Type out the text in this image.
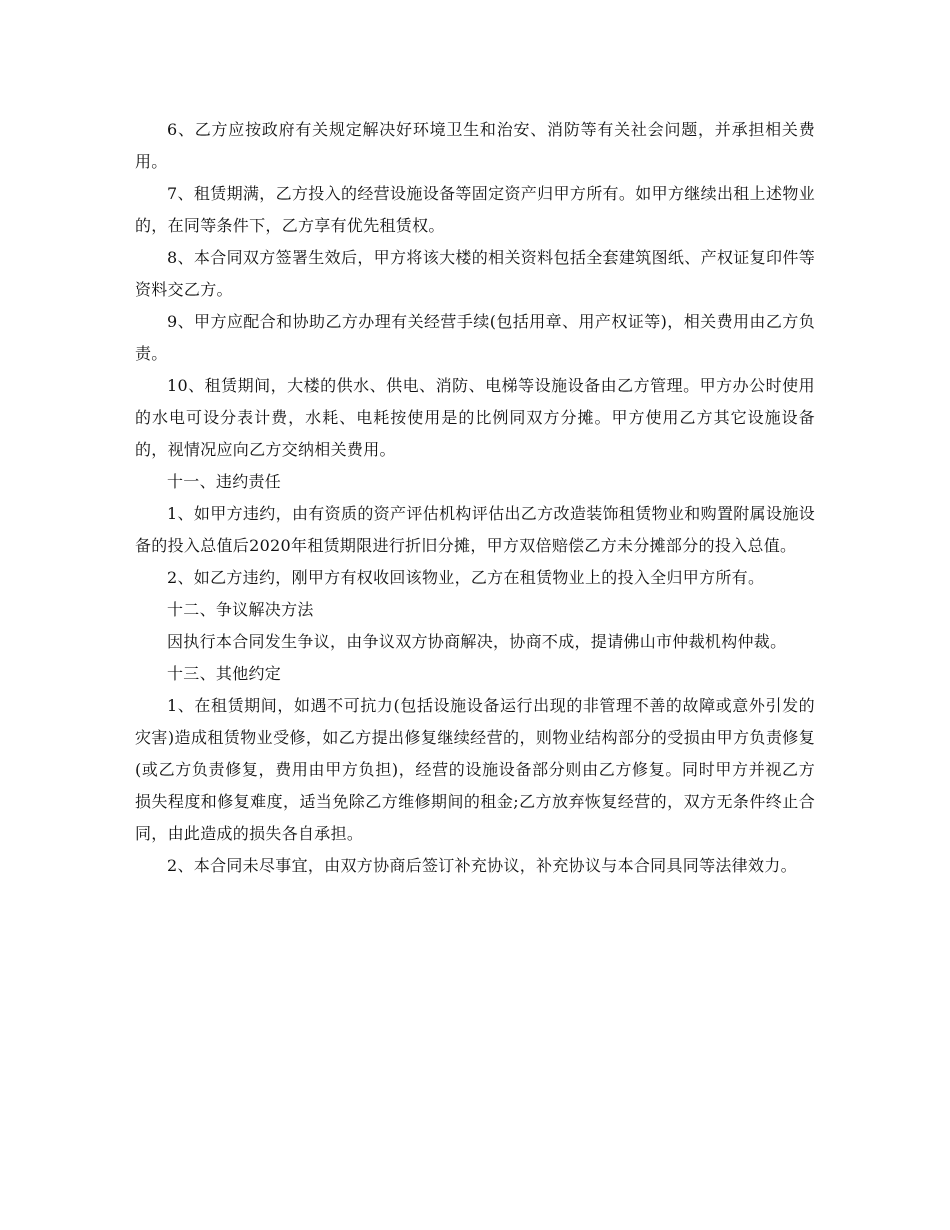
6、乙方应按政府有关规定解决好环境卫生和治安、消防等有关社会问题，并承担相关费用。

7、租赁期满，乙方投入的经营设施设备等固定资产归甲方所有。如甲方继续出租上述物业的，在同等条件下，乙方享有优先租赁权。

8、本合同双方签署生效后，甲方将该大楼的相关资料包括全套建筑图纸、产权证复印件等资料交乙方。

9、甲方应配合和协助乙方办理有关经营手续(包括用章、用产权证等)，相关费用由乙方负责。

10、租赁期间，大楼的供水、供电、消防、电梯等设施设备由乙方管理。甲方办公时使用的水电可设分表计费，水耗、电耗按使用是的比例同双方分摊。甲方使用乙方其它设施设备的，视情况应向乙方交纳相关费用。

十一、违约责任

1、如甲方违约，由有资质的资产评估机构评估出乙方改造装饰租赁物业和购置附属设施设备的投入总值后2020年租赁期限进行折旧分摊，甲方双倍赔偿乙方未分摊部分的投入总值。

2、如乙方违约，刚甲方有权收回该物业，乙方在租赁物业上的投入全归甲方所有。

十二、争议解决方法

因执行本合同发生争议，由争议双方协商解决，协商不成，提请佛山市仲裁机构仲裁。

十三、其他约定

1、在租赁期间，如遇不可抗力(包括设施设备运行出现的非管理不善的故障或意外引发的灾害)造成租赁物业受修，如乙方提出修复继续经营的，则物业结构部分的受损由甲方负责修复(或乙方负责修复，费用由甲方负担)，经营的设施设备部分则由乙方修复。同时甲方并视乙方损失程度和修复难度，适当免除乙方维修期间的租金;乙方放弃恢复经营的，双方无条件终止合同，由此造成的损失各自承担。

2、本合同未尽事宜，由双方协商后签订补充协议，补充协议与本合同具同等法律效力。
